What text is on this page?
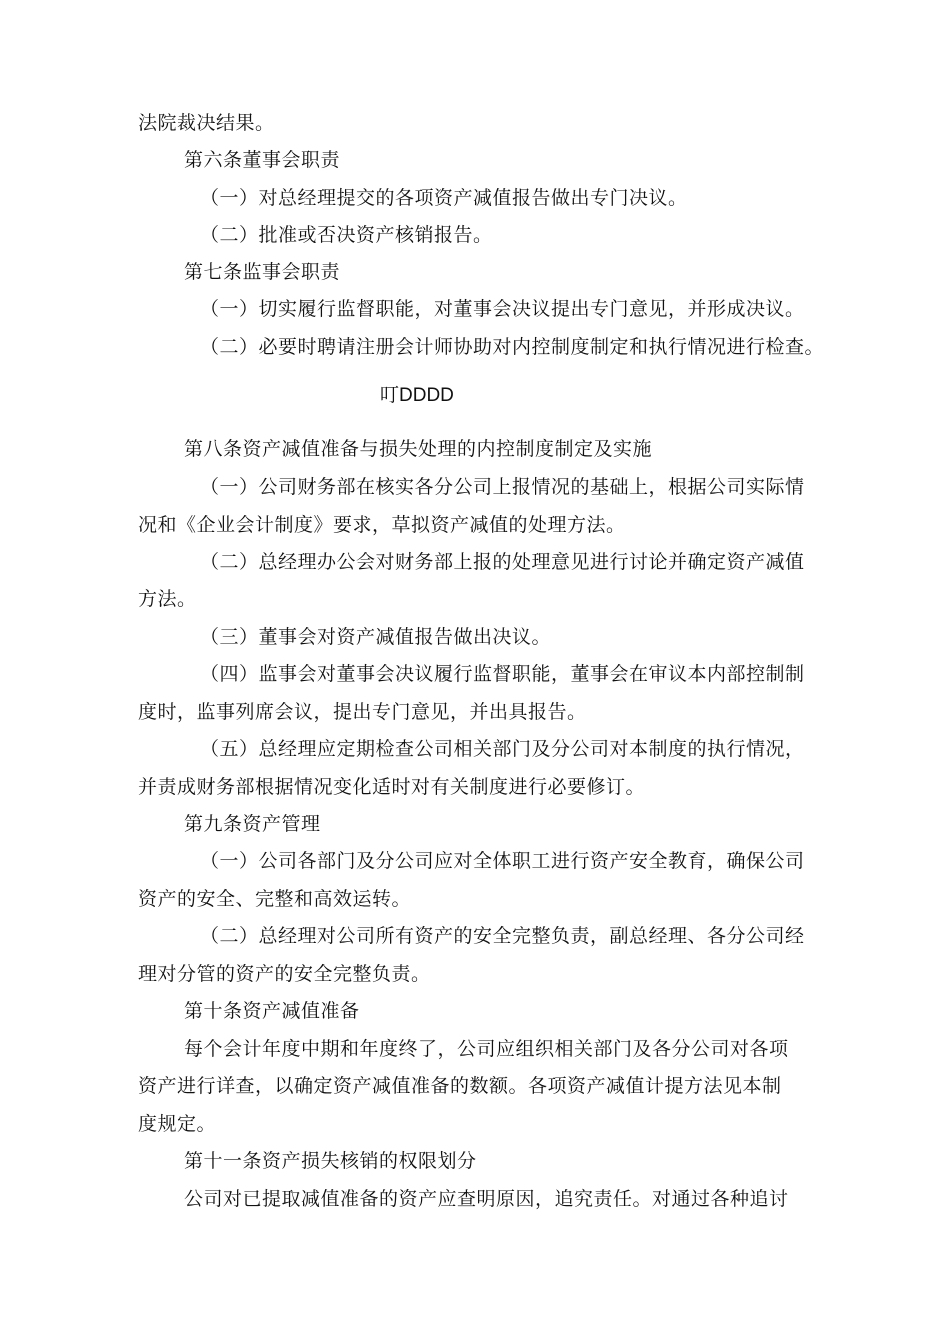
法院裁决结果。
第六条董事会职责
（一）对总经理提交的各项资产减值报告做出专门决议。
（二）批准或否决资产核销报告。
第七条监事会职责
（一）切实履行监督职能，对董事会决议提出专门意见，并形成决议。
（二）必要时聘请注册会计师协助对内控制度制定和执行情况进行检查。
叮DDDD
第八条资产减值准备与损失处理的内控制度制定及实施
（一）公司财务部在核实各分公司上报情况的基础上，根据公司实际情
况和《企业会计制度》要求，草拟资产减值的处理方法。
（二）总经理办公会对财务部上报的处理意见进行讨论并确定资产减值
方法。
（三）董事会对资产减值报告做出决议。
（四）监事会对董事会决议履行监督职能，董事会在审议本内部控制制
度时，监事列席会议，提出专门意见，并出具报告。
（五）总经理应定期检查公司相关部门及分公司对本制度的执行情况，
并责成财务部根据情况变化适时对有关制度进行必要修订。
第九条资产管理
（一）公司各部门及分公司应对全体职工进行资产安全教育，确保公司
资产的安全、完整和高效运转。
（二）总经理对公司所有资产的安全完整负责，副总经理、各分公司经
理对分管的资产的安全完整负责。
第十条资产减值准备
每个会计年度中期和年度终了，公司应组织相关部门及各分公司对各项
资产进行详查，以确定资产减值准备的数额。各项资产减值计提方法见本制
度规定。
第十一条资产损失核销的权限划分
公司对已提取减值准备的资产应查明原因，追究责任。对通过各种追讨
